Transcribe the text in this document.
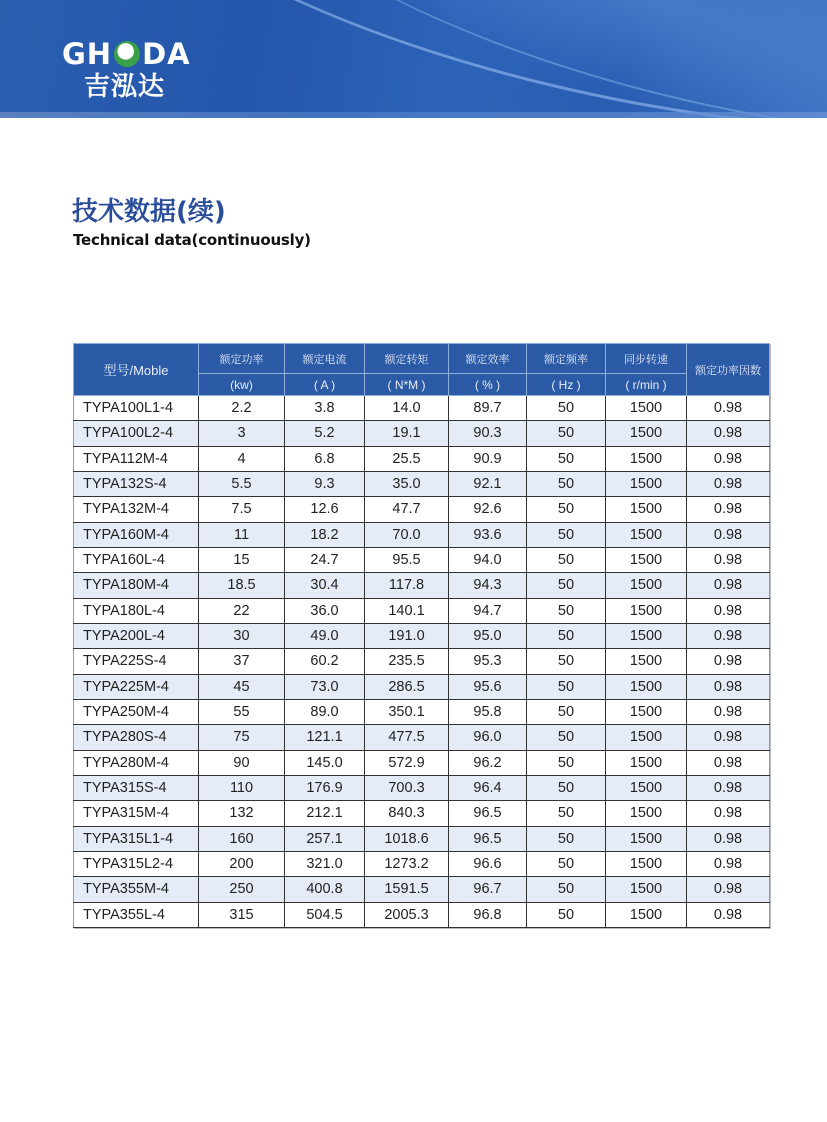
GH DA
吉泓达
技术数据(续)
Technical data(continuously)
型号/Moble	额定功率	额定电流	额定转矩	额定效率	额定频率	同步转速	额定功率因数
	(kw)	( A )	( N*M )	( % )	( Hz )	( r/min )	
TYPA100L1-4	2.2	3.8	14.0	89.7	50	1500	0.98
TYPA100L2-4	3	5.2	19.1	90.3	50	1500	0.98
TYPA112M-4	4	6.8	25.5	90.9	50	1500	0.98
TYPA132S-4	5.5	9.3	35.0	92.1	50	1500	0.98
TYPA132M-4	7.5	12.6	47.7	92.6	50	1500	0.98
TYPA160M-4	11	18.2	70.0	93.6	50	1500	0.98
TYPA160L-4	15	24.7	95.5	94.0	50	1500	0.98
TYPA180M-4	18.5	30.4	117.8	94.3	50	1500	0.98
TYPA180L-4	22	36.0	140.1	94.7	50	1500	0.98
TYPA200L-4	30	49.0	191.0	95.0	50	1500	0.98
TYPA225S-4	37	60.2	235.5	95.3	50	1500	0.98
TYPA225M-4	45	73.0	286.5	95.6	50	1500	0.98
TYPA250M-4	55	89.0	350.1	95.8	50	1500	0.98
TYPA280S-4	75	121.1	477.5	96.0	50	1500	0.98
TYPA280M-4	90	145.0	572.9	96.2	50	1500	0.98
TYPA315S-4	110	176.9	700.3	96.4	50	1500	0.98
TYPA315M-4	132	212.1	840.3	96.5	50	1500	0.98
TYPA315L1-4	160	257.1	1018.6	96.5	50	1500	0.98
TYPA315L2-4	200	321.0	1273.2	96.6	50	1500	0.98
TYPA355M-4	250	400.8	1591.5	96.7	50	1500	0.98
TYPA355L-4	315	504.5	2005.3	96.8	50	1500	0.98
